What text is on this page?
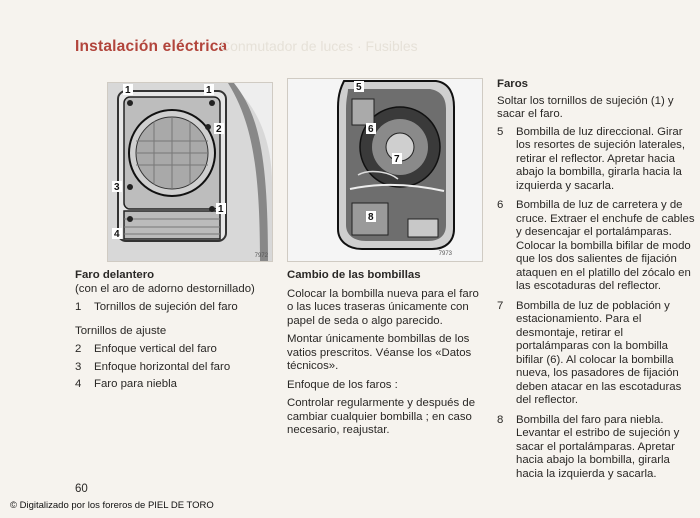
Instalación eléctrica
Conmutador de luces · Fusibles
1	1
2
3
1
4
7972
5
6
7
8
7973

Faro delantero

(con el aro de adorno destornillado)

1	Tornillos de sujeción del faro

Tornillos de ajuste

2	Enfoque vertical del faro
3	Enfoque horizontal del faro
4	Faro para niebla

Cambio de las bombillas

Colocar la bombilla nueva para el faro o las luces traseras únicamente con papel de seda o algo parecido.

Montar únicamente bombillas de los vatios prescritos. Véanse los «Datos técnicos».

Enfoque de los faros :

Controlar regularmente y después de cambiar cualquier bombilla ; en caso necesario, reajustar.

Faros

Soltar los tornillos de sujeción (1) y sacar el faro.

5	Bombilla de luz direccional. Girar los resortes de sujeción laterales, retirar el reflector. Apretar hacia abajo la bombilla, girarla hacia la izquierda y sacarla.
6	Bombilla de luz de carretera y de cruce. Extraer el enchufe de cables y desencajar el portalámparas. Colocar la bombilla bifilar de modo que los dos salientes de fijación ataquen en el platillo del zócalo en las escotaduras del reflector.
7	Bombilla de luz de población y estacionamiento. Para el desmontaje, retirar el portalámparas con la bombilla bifilar (6). Al colocar la bombilla nueva, los pasadores de fijación deben atacar en las escotaduras del reflector.
8	Bombilla del faro para niebla. Levantar el estribo de sujeción y sacar el portalámparas. Apretar hacia abajo la bombilla, girarla hacia la izquierda y sacarla.
60
© Digitalizado por los foreros de PIEL DE TORO
